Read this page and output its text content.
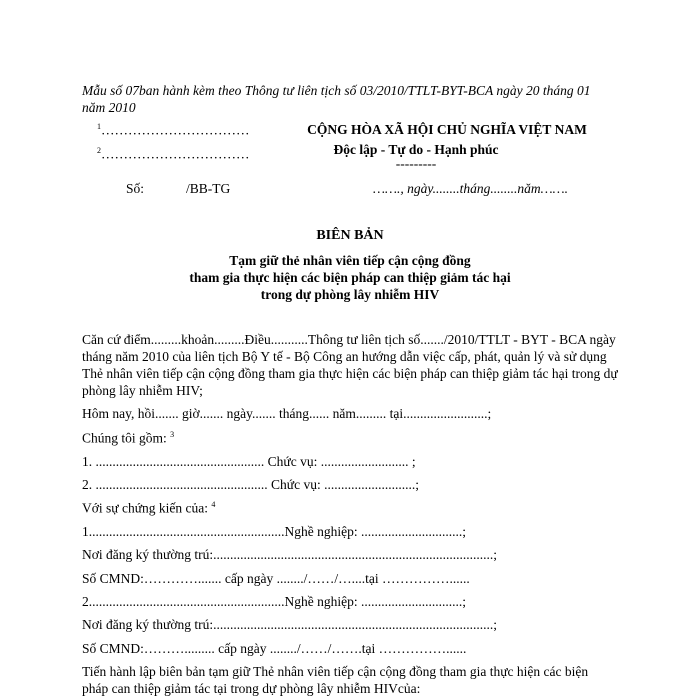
Mẫu số 07ban hành kèm theo Thông tư liên tịch số 03/2010/TTLT-BYT-BCA ngày 20 tháng 01
năm 2010
$^1$……………………………
$^2$……………………………
CỘNG HÒA XÃ HỘI CHỦ NGHĨA VIỆT NAM
Độc lập - Tự do - Hạnh phúc
---------
Số:	/BB-TG	……., ngày........tháng........năm…….
BIÊN BẢN
Tạm giữ thẻ nhân viên tiếp cận cộng đồng
tham gia thực hiện các biện pháp can thiệp giảm tác hại
trong dự phòng lây nhiễm HIV
Căn cứ điểm.........khoản.........Điều...........Thông tư liên tịch số......./2010/TTLT - BYT - BCA ngày
tháng năm 2010 của liên tịch Bộ Y tế - Bộ Công an hướng dẫn việc cấp, phát, quản lý và sử dụng
Thẻ nhân viên tiếp cận cộng đồng tham gia thực hiện các biện pháp can thiệp giảm tác hại trong dự
phòng lây nhiễm HIV;
Hôm nay, hồi....... giờ....... ngày....... tháng...... năm......... tại.........................;
Chúng tôi gồm: $^3$
1. .................................................. Chức vụ: .......................... ;
2. ................................................... Chức vụ: ...........................;
Với sự chứng kiến của: $^4$
1..........................................................Nghề nghiệp: ..............................;
Nơi đăng ký thường trú:...................................................................................;
Số CMND:…………....... cấp ngày ......../……/…....tại ……………......
2..........................................................Nghề nghiệp: ..............................;
Nơi đăng ký thường trú:...................................................................................;
Số CMND:………......... cấp ngày ......../……/…….tại ……………......
Tiến hành lập biên bản tạm giữ Thẻ nhân viên tiếp cận cộng đồng tham gia thực hiện các biện
pháp can thiệp giảm tác tại trong dự phòng lây nhiễm HIVcủa:
